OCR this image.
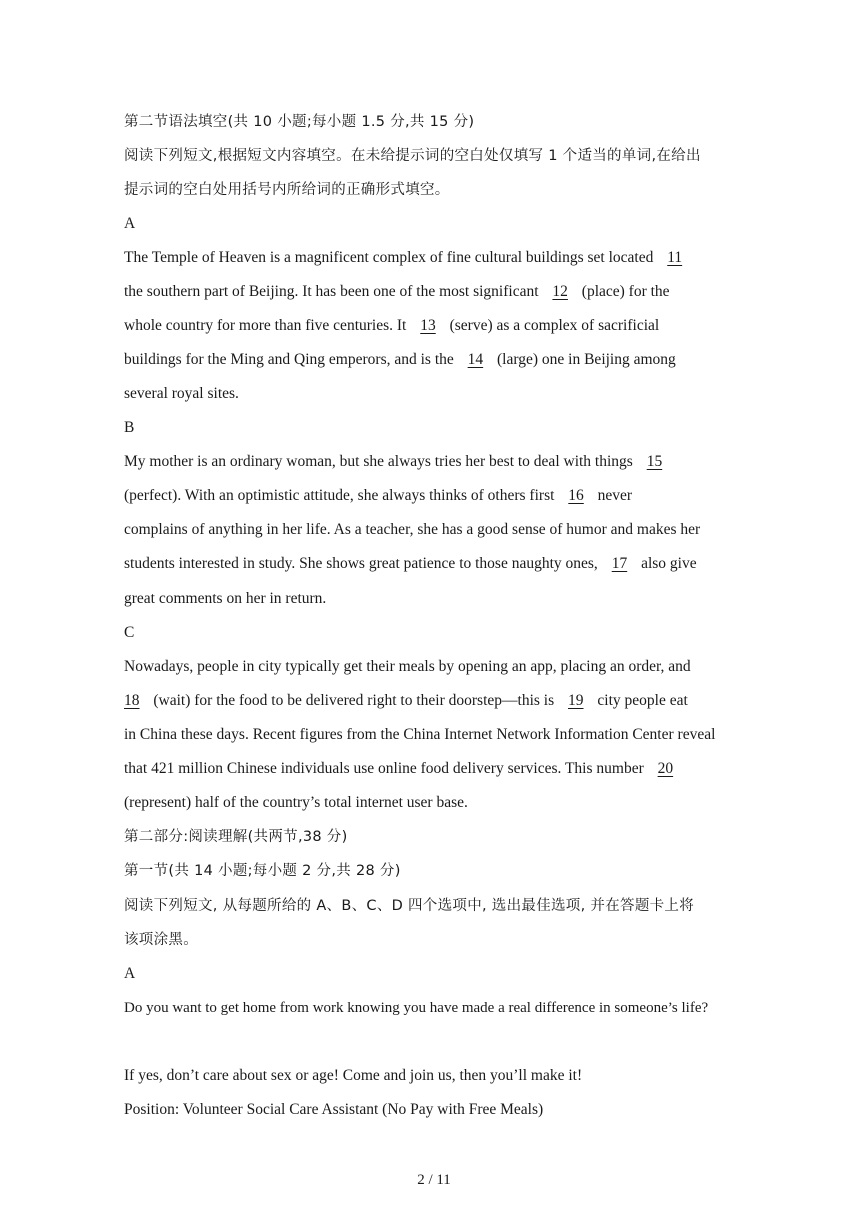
第二节语法填空(共 10 小题;每小题 1.5 分,共 15 分)
阅读下列短文,根据短文内容填空。在未给提示词的空白处仅填写 1 个适当的单词,在给出
提示词的空白处用括号内所给词的正确形式填空。
A
The Temple of Heaven is a magnificent complex of fine cultural buildings set located 11
the southern part of Beijing. It has been one of the most significant 12 (place) for the
whole country for more than five centuries. It 13 (serve) as a complex of sacrificial
buildings for the Ming and Qing emperors, and is the 14 (large) one in Beijing among
several royal sites.
B
My mother is an ordinary woman, but she always tries her best to deal with things 15
(perfect). With an optimistic attitude, she always thinks of others first 16 never
complains of anything in her life. As a teacher, she has a good sense of humor and makes her
students interested in study. She shows great patience to those naughty ones, 17 also give
great comments on her in return.
C
Nowadays, people in city typically get their meals by opening an app, placing an order, and
18 (wait) for the food to be delivered right to their doorstep—this is 19 city people eat
in China these days. Recent figures from the China Internet Network Information Center reveal
that 421 million Chinese individuals use online food delivery services. This number 20
(represent) half of the country’s total internet user base.
第二部分:阅读理解(共两节,38 分)
第一节(共 14 小题;每小题 2 分,共 28 分)
阅读下列短文, 从每题所给的 A、B、C、D 四个选项中, 选出最佳选项, 并在答题卡上将
该项涂黑。
A
Do you want to get home from work knowing you have made a real difference in someone’s life?
If yes, don’t care about sex or age! Come and join us, then you’ll make it!
Position: Volunteer Social Care Assistant (No Pay with Free Meals)
2 / 11
